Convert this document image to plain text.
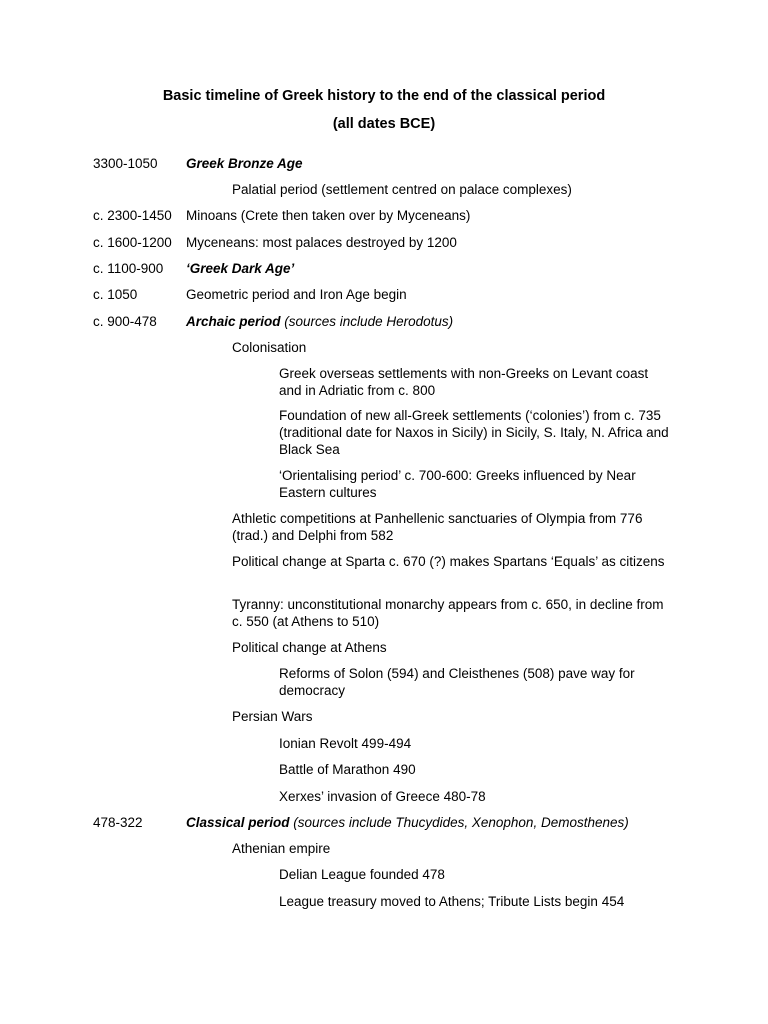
Basic timeline of Greek history to the end of the classical period
(all dates BCE)
3300-1050 Greek Bronze Age
Palatial period (settlement centred on palace complexes)
c. 2300-1450 Minoans (Crete then taken over by Myceneans)
c. 1600-1200 Myceneans: most palaces destroyed by 1200
c. 1100-900 ‘Greek Dark Age’
c. 1050	Geometric period and Iron Age begin
c. 900-478 Archaic period (sources include Herodotus)
Colonisation
Greek overseas settlements with non-Greeks on Levant coast and in Adriatic from c. 800
Foundation of new all-Greek settlements (‘colonies’) from c. 735 (traditional date for Naxos in Sicily) in Sicily, S. Italy, N. Africa and Black Sea
‘Orientalising period’ c. 700-600: Greeks influenced by Near Eastern cultures
Athletic competitions at Panhellenic sanctuaries of Olympia from 776 (trad.) and Delphi from 582
Political change at Sparta c. 670 (?) makes Spartans ‘Equals’ as citizens
Tyranny: unconstitutional monarchy appears from c. 650, in decline from c. 550 (at Athens to 510)
Political change at Athens
Reforms of Solon (594) and Cleisthenes (508) pave way for democracy
Persian Wars
Ionian Revolt 499-494
Battle of Marathon 490
Xerxes’ invasion of Greece 480-78
478-322	Classical period (sources include Thucydides, Xenophon, Demosthenes)
Athenian empire
Delian League founded 478
League treasury moved to Athens; Tribute Lists begin 454
